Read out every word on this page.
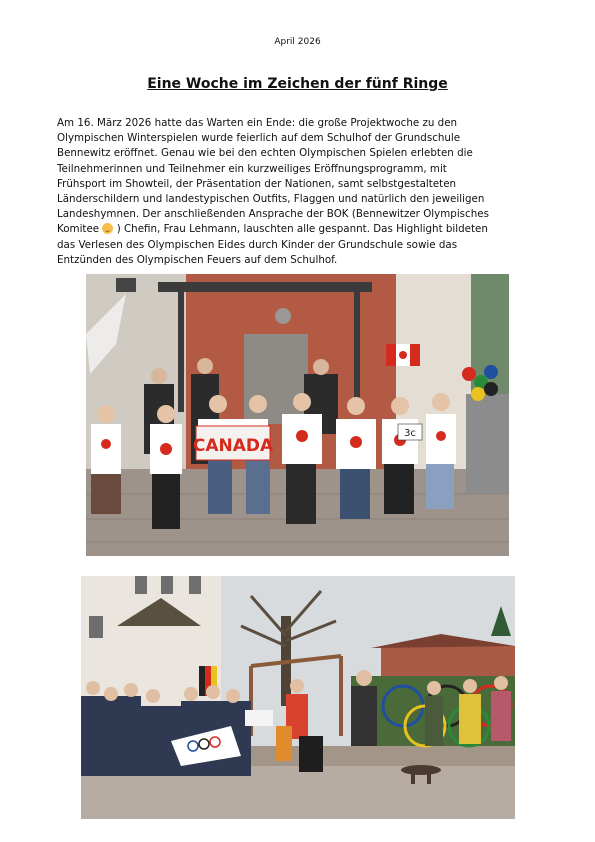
April 2026
Eine Woche im Zeichen der fünf Ringe
Am 16. März 2026 hatte das Warten ein Ende: die große Projektwoche zu den
Olympischen Winterspielen wurde feierlich auf dem Schulhof der Grundschule
Bennewitz eröffnet. Genau wie bei den echten Olympischen Spielen erlebten die
Teilnehmerinnen und Teilnehmer ein kurzweiliges Eröffnungsprogramm, mit
Frühsport im Showteil, der Präsentation der Nationen, samt selbstgestalteten
Länderschildern und landestypischen Outfits, Flaggen und natürlich den jeweiligen
Landeshymnen. Der anschließenden Ansprache der BOK (Bennewitzer Olympisches
Komitee  ) Chefin, Frau Lehmann, lauschten alle gespannt. Das Highlight bildeten
das Verlesen des Olympischen Eides durch Kinder der Grundschule sowie das
Entzünden des Olympischen Feuers auf dem Schulhof.
CANADA
3c
